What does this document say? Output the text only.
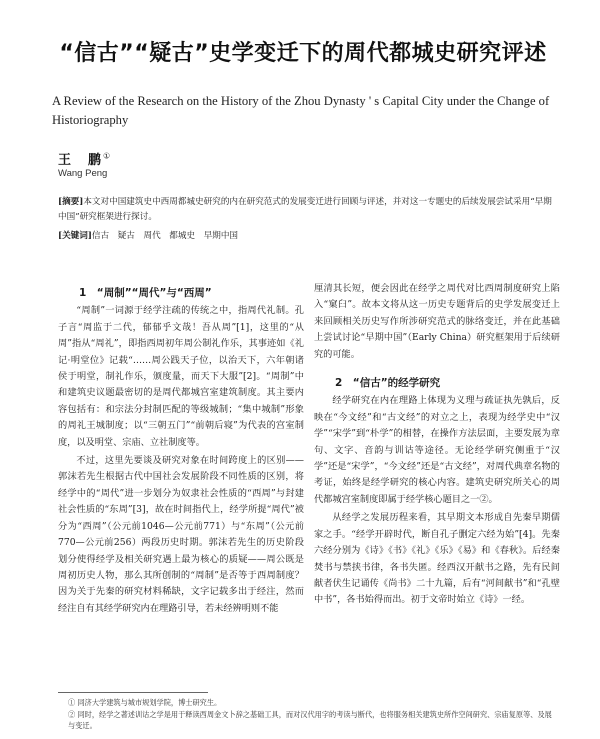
“信古”“疑古”史学变迁下的周代都城史研究评述
A Review of the Research on the History of the Zhou Dynasty ' s Capital City under the Change of Historiography
王　鹏①
Wang Peng
[摘要]本文对中国建筑史中西周都城史研究的内在研究范式的发展变迁进行回顾与评述，并对这一专题史的后续发展尝试采用“早期中国”研究框架进行探讨。
[关键词]信古　疑古　周代　都城史　早期中国

1　“周制”“周代”与“西周”

“周制”一词源于经学注疏的传统之中，指周代礼制。孔子言“周监于二代，郁郁乎文哉！吾从周”[1]，这里的“从周”指从“周礼”，即指西周初年周公制礼作乐，其事迹如《礼记·明堂位》记载“……周公践天子位，以治天下，六年朝诸侯于明堂，制礼作乐，颁度量，而天下大服”[2]。“周制”中和建筑史议题最密切的是周代都城宫室建筑制度。其主要内容包括有：和宗法分封制匹配的等级城制；“集中城制”形象的周礼王城制度；以“三朝五门”“前朝后寝”为代表的宫室制度，以及明堂、宗庙、立社制度等。

不过，这里先要谈及研究对象在时间跨度上的区别——郭沫若先生根据古代中国社会发展阶段不同性质的区别，将经学中的“周代”进一步划分为奴隶社会性质的“西周”与封建社会性质的“东周”[3]，故在时间指代上，经学所提“周代”被分为“西周”（公元前1046—公元前771）与“东周”（公元前770—公元前256）两段历史时期。郭沫若先生的历史阶段划分使得经学及相关研究遇上最为核心的质疑——周公既是周初历史人物，那么其所创制的“周制”是否等于西周制度？因为关于先秦的研究材料稀缺，文字记载多出于经注，然而经注自有其经学研究内在理路引导，若未经辨明则不能

厘清其长短，便会因此在经学之周代对比西周制度研究上陷入“窠臼”。故本文将从这一历史专题背后的史学发展变迁上来回顾相关历史写作所涉研究范式的脉络变迁，并在此基础上尝试讨论“早期中国”（Early China）研究框架用于后续研究的可能。

2　“信古”的经学研究

经学研究在内在理路上体现为义理与疏证执先孰后，反映在“今文经”和“古文经”的对立之上，表现为经学史中“汉学”“宋学”到“朴学”的相替，在操作方法层面，主要发展为章句、文字、音韵与训诂等途径。无论经学研究侧重于“汉学”还是“宋学”，“今文经”还是“古文经”，对周代典章名物的考证，始终是经学研究的核心内容。建筑史研究所关心的周代都城宫室制度即属于经学核心题目之一②。

从经学之发展历程来看，其早期文本形成自先秦早期儒家之手。“经学开辟时代，断自孔子删定六经为始”[4]。先秦六经分别为《诗》《书》《礼》《乐》《易》和《春秋》。后经秦焚书与禁挟书律，各书失匿。经西汉开献书之路，先有民间献者伏生记诵传《尚书》二十九篇，后有“河间献书”和“孔壁中书”，各书始得而出。初于文帝时始立《诗》一经。

① 同济大学建筑与城市规划学院，博士研究生。
② 同时，经学之著述训诂之学是用于释读西周金文卜辞之基础工具，而对汉代用字的考读与断代，也将服务相关建筑史所作空间研究、宗庙复原等、及展与变迁。
